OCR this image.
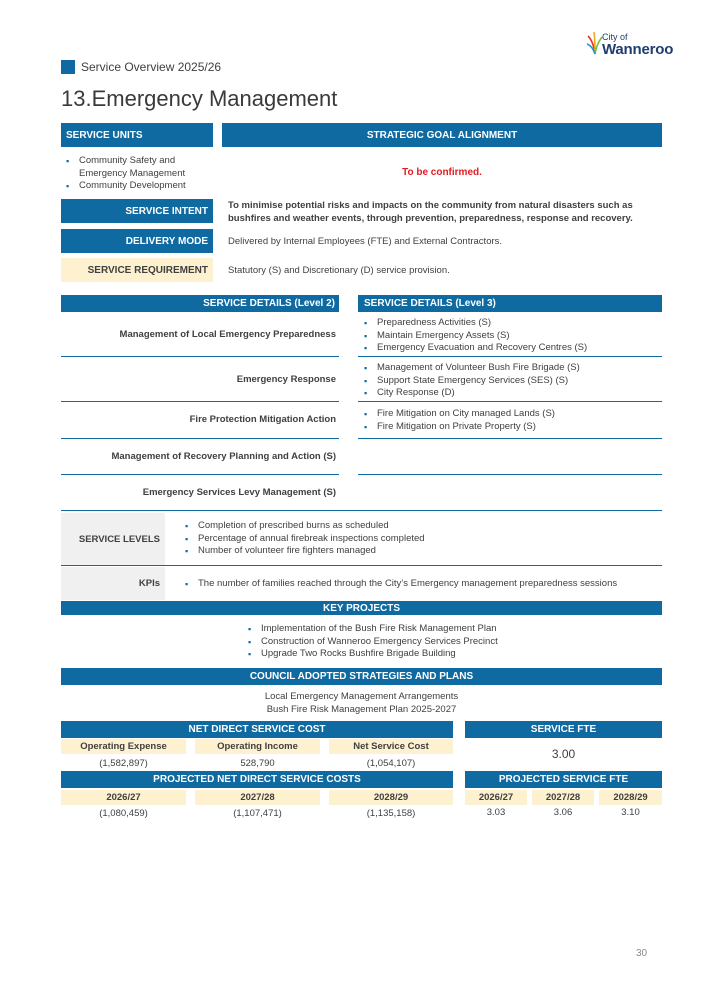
Service Overview 2025/26
13.Emergency Management
City of
Wanneroo
SERVICE UNITS	STRATEGIC GOAL ALIGNMENT
▪ Community Safety and Emergency Management
▪ Community Development
To be confirmed.
SERVICE INTENT	To minimise potential risks and impacts on the community from natural disasters such as bushfires and weather events, through prevention, preparedness, response and recovery.
DELIVERY MODE	Delivered by Internal Employees (FTE) and External Contractors.
SERVICE REQUIREMENT	Statutory (S) and Discretionary (D) service provision.
SERVICE DETAILS (Level 2)	SERVICE DETAILS (Level 3)
Management of Local Emergency Preparedness
▪ Preparedness Activities (S)
▪ Maintain Emergency Assets (S)
▪ Emergency Evacuation and Recovery Centres (S)
Emergency Response
▪ Management of Volunteer Bush Fire Brigade (S)
▪ Support State Emergency Services (SES) (S)
▪ City Response (D)
Fire Protection Mitigation Action
▪ Fire Mitigation on City managed Lands (S)
▪ Fire Mitigation on Private Property (S)
Management of Recovery Planning and Action (S)
Emergency Services Levy Management (S)
SERVICE LEVELS
▪ Completion of prescribed burns as scheduled
▪ Percentage of annual firebreak inspections completed
▪ Number of volunteer fire fighters managed
KPIs
▪	The number of families reached through the City’s Emergency management preparedness sessions
KEY PROJECTS
▪ Implementation of the Bush Fire Risk Management Plan
▪ Construction of Wanneroo Emergency Services Precinct
▪ Upgrade Two Rocks Bushfire Brigade Building
COUNCIL ADOPTED STRATEGIES AND PLANS
Local Emergency Management Arrangements
Bush Fire Risk Management Plan 2025-2027
NET DIRECT SERVICE COST
Operating Expense	Operating Income	Net Service Cost
(1,582,897)	528,790	(1,054,107)
SERVICE FTE
3.00
PROJECTED NET DIRECT SERVICE COSTS
2026/27	2027/28	2028/29
(1,080,459)	(1,107,471)	(1,135,158)
PROJECTED SERVICE FTE
2026/27	2027/28	2028/29
3.03	3.06	3.10
30
